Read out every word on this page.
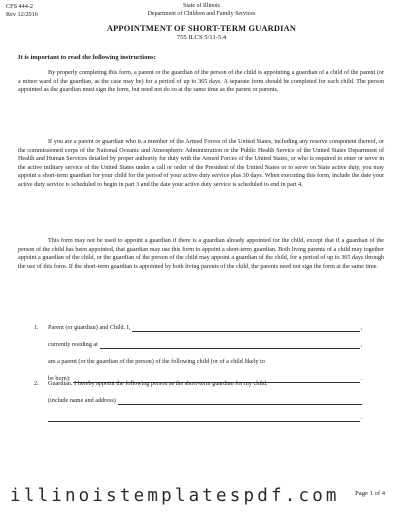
CFS 444-2
Rev 12/2016
State of Illinois
Department of Children and Family Services
APPOINTMENT OF SHORT-TERM GUARDIAN
755 ILCS 5/11-5.4
It is important to read the following instructions:

By properly completing this form, a parent or the guardian of the person of the child is appointing a guardian of a child of the parent (or a minor ward of the guardian, as the case may be) for a period of up to 365 days. A separate form should be completed for each child. The person appointed as the guardian must sign the form, but need not do so at the same time as the parent or parents.

If you are a parent or guardian who is a member of the Armed Forces of the United States, including any reserve component thereof, or the commissioned corps of the National Oceanic and Atmospheric Administration or the Public Health Service of the United States Department of Health and Human Services detailed by proper authority for duty with the Armed Forces of the United States, or who is required to enter or serve in the active military service of the United States under a call or order of the President of the United States or to serve on State active duty, you may appoint a short-term guardian for your child for the period of your active duty service plus 30 days. When executing this form, include the date your active duty service is scheduled to begin in part 3 and the date your active duty service is scheduled to end in part 4.

This form may not be used to appoint a guardian if there is a guardian already appointed for the child, except that if a guardian of the person of the child has been appointed, that guardian may use this form to appoint a short-term guardian. Both living parents of a child may together appoint a guardian of the child, or the guardian of the person of the child may appoint a guardian of the child, for a period of up to 365 days through the use of this form. If the short-term guardian is appointed by both living parents of the child, the parents need not sign the form at the same time.

1. Parent (or guardian) and Child. I,	,
currently residing at	,
am a parent (or the guardian of the person) of the following child (or of a child likely to
be born):	.
2. Guardian. I hereby appoint the following person as the short-term guardian for my child:
(include name and address)
.
illinoistemplatespdf.com Page 1 of 4
